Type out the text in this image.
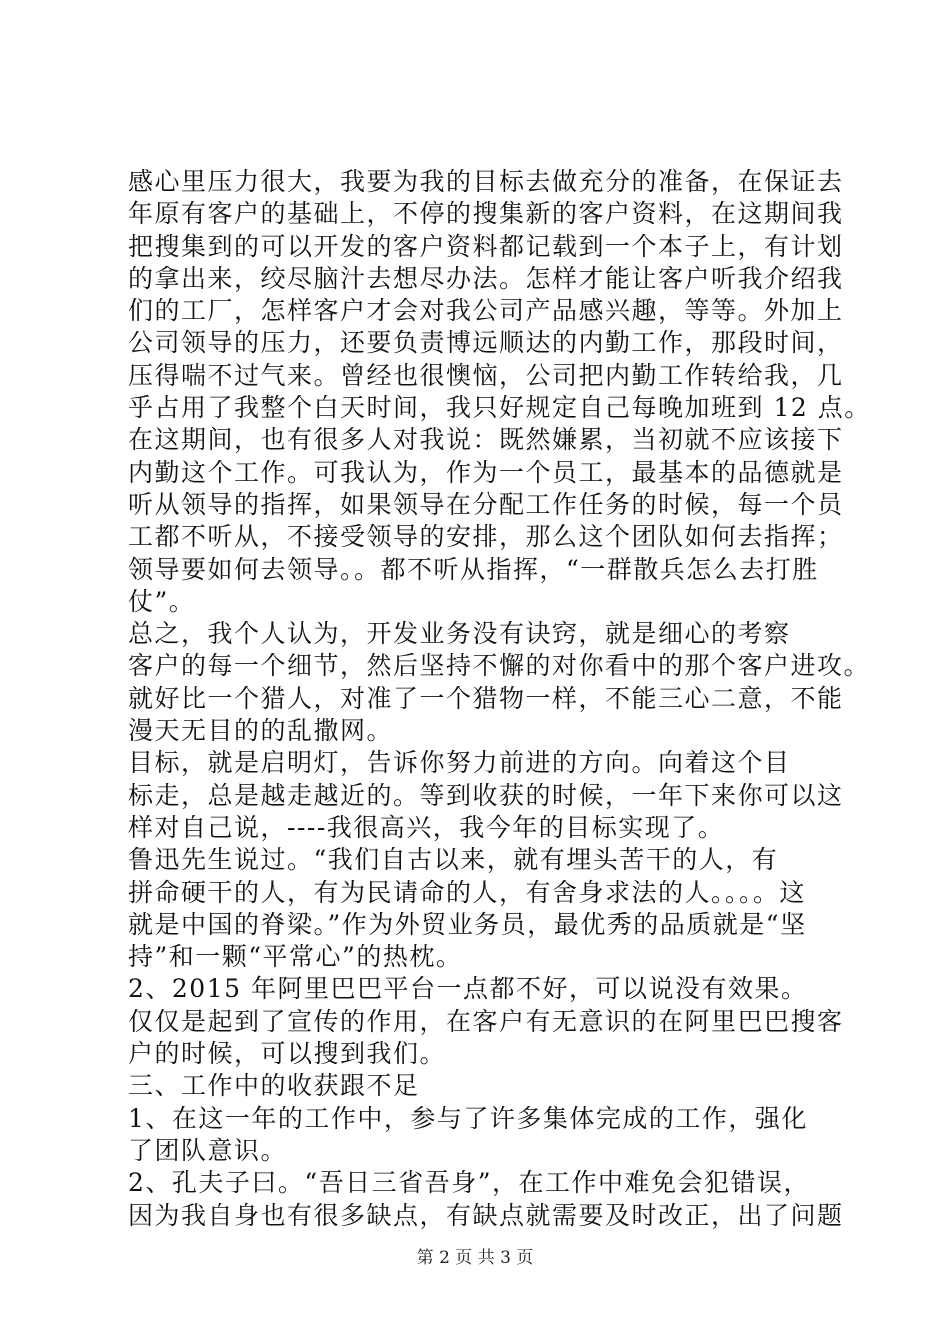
感心里压力很大，我要为我的目标去做充分的准备，在保证去
年原有客户的基础上，不停的搜集新的客户资料，在这期间我
把搜集到的可以开发的客户资料都记载到一个本子上，有计划
的拿出来，绞尽脑汁去想尽办法。怎样才能让客户听我介绍我
们的工厂，怎样客户才会对我公司产品感兴趣，等等。外加上
公司领导的压力，还要负责博远顺达的内勤工作，那段时间，
压得喘不过气来。曾经也很懊恼，公司把内勤工作转给我，几
乎占用了我整个白天时间，我只好规定自己每晚加班到 12 点。
在这期间，也有很多人对我说：既然嫌累，当初就不应该接下
内勤这个工作。可我认为，作为一个员工，最基本的品德就是
听从领导的指挥，如果领导在分配工作任务的时候，每一个员
工都不听从，不接受领导的安排，那么这个团队如何去指挥；
领导要如何去领导。。都不听从指挥，“一群散兵怎么去打胜
仗”。
总之，我个人认为，开发业务没有诀窍，就是细心的考察
客户的每一个细节，然后坚持不懈的对你看中的那个客户进攻。
就好比一个猎人，对准了一个猎物一样，不能三心二意，不能
漫天无目的的乱撒网。
目标，就是启明灯，告诉你努力前进的方向。向着这个目
标走，总是越走越近的。等到收获的时候，一年下来你可以这
样对自己说，----我很高兴，我今年的目标实现了。
鲁迅先生说过。“我们自古以来，就有埋头苦干的人，有
拼命硬干的人，有为民请命的人，有舍身求法的人。。。。这
就是中国的脊梁。”作为外贸业务员，最优秀的品质就是“坚
持”和一颗“平常心”的热枕。
2、2015 年阿里巴巴平台一点都不好，可以说没有效果。
仅仅是起到了宣传的作用，在客户有无意识的在阿里巴巴搜客
户的时候，可以搜到我们。
三、工作中的收获跟不足
1、在这一年的工作中，参与了许多集体完成的工作，强化
了团队意识。
2、孔夫子曰。“吾日三省吾身”，在工作中难免会犯错误，
因为我自身也有很多缺点，有缺点就需要及时改正，出了问题
第 2 页 共 3 页
